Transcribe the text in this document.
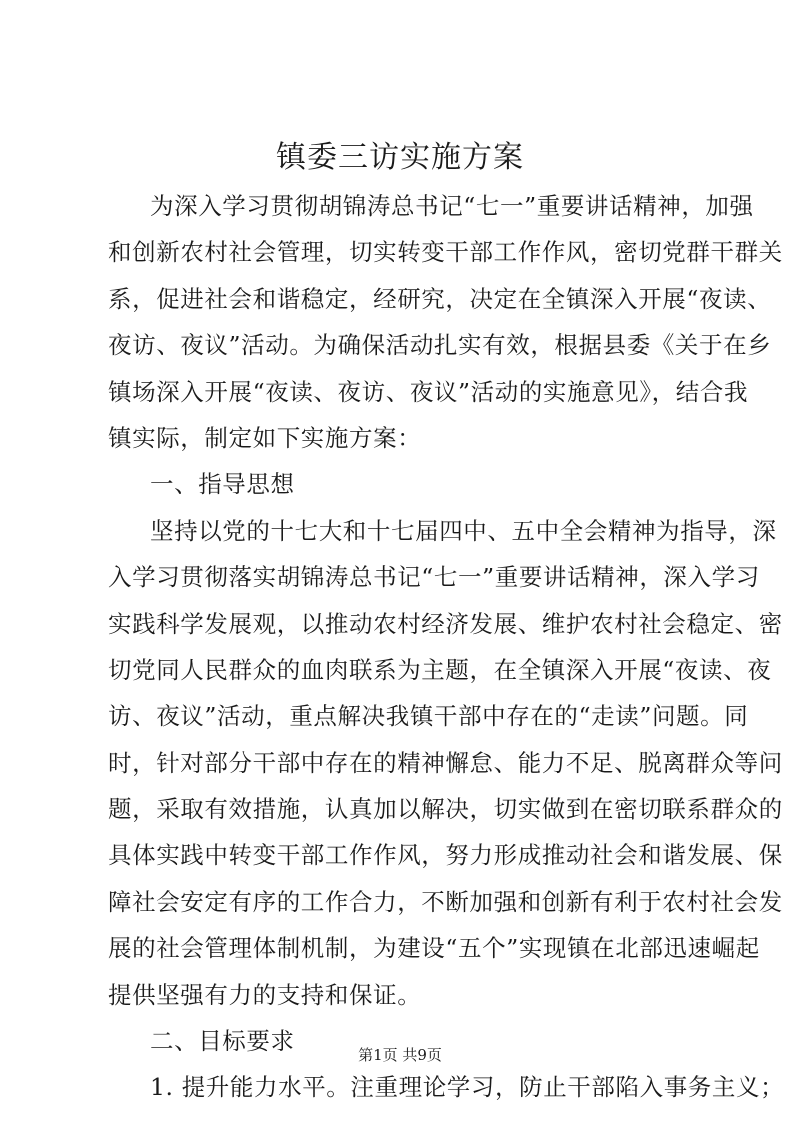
镇委三访实施方案

为深入学习贯彻胡锦涛总书记“七一”重要讲话精神，加强

和创新农村社会管理，切实转变干部工作作风，密切党群干群关

系，促进社会和谐稳定，经研究，决定在全镇深入开展“夜读、

夜访、夜议”活动。为确保活动扎实有效，根据县委《关于在乡

镇场深入开展“夜读、夜访、夜议”活动的实施意见》，结合我

镇实际，制定如下实施方案：

一、指导思想

坚持以党的十七大和十七届四中、五中全会精神为指导，深

入学习贯彻落实胡锦涛总书记“七一”重要讲话精神，深入学习

实践科学发展观，以推动农村经济发展、维护农村社会稳定、密

切党同人民群众的血肉联系为主题，在全镇深入开展“夜读、夜

访、夜议”活动，重点解决我镇干部中存在的“走读”问题。同

时，针对部分干部中存在的精神懈怠、能力不足、脱离群众等问

题，采取有效措施，认真加以解决，切实做到在密切联系群众的

具体实践中转变干部工作作风，努力形成推动社会和谐发展、保

障社会安定有序的工作合力，不断加强和创新有利于农村社会发

展的社会管理体制机制，为建设“五个”实现镇在北部迅速崛起

提供坚强有力的支持和保证。

二、目标要求

1. 提升能力水平。注重理论学习，防止干部陷入事务主义；

第1页 共9页
